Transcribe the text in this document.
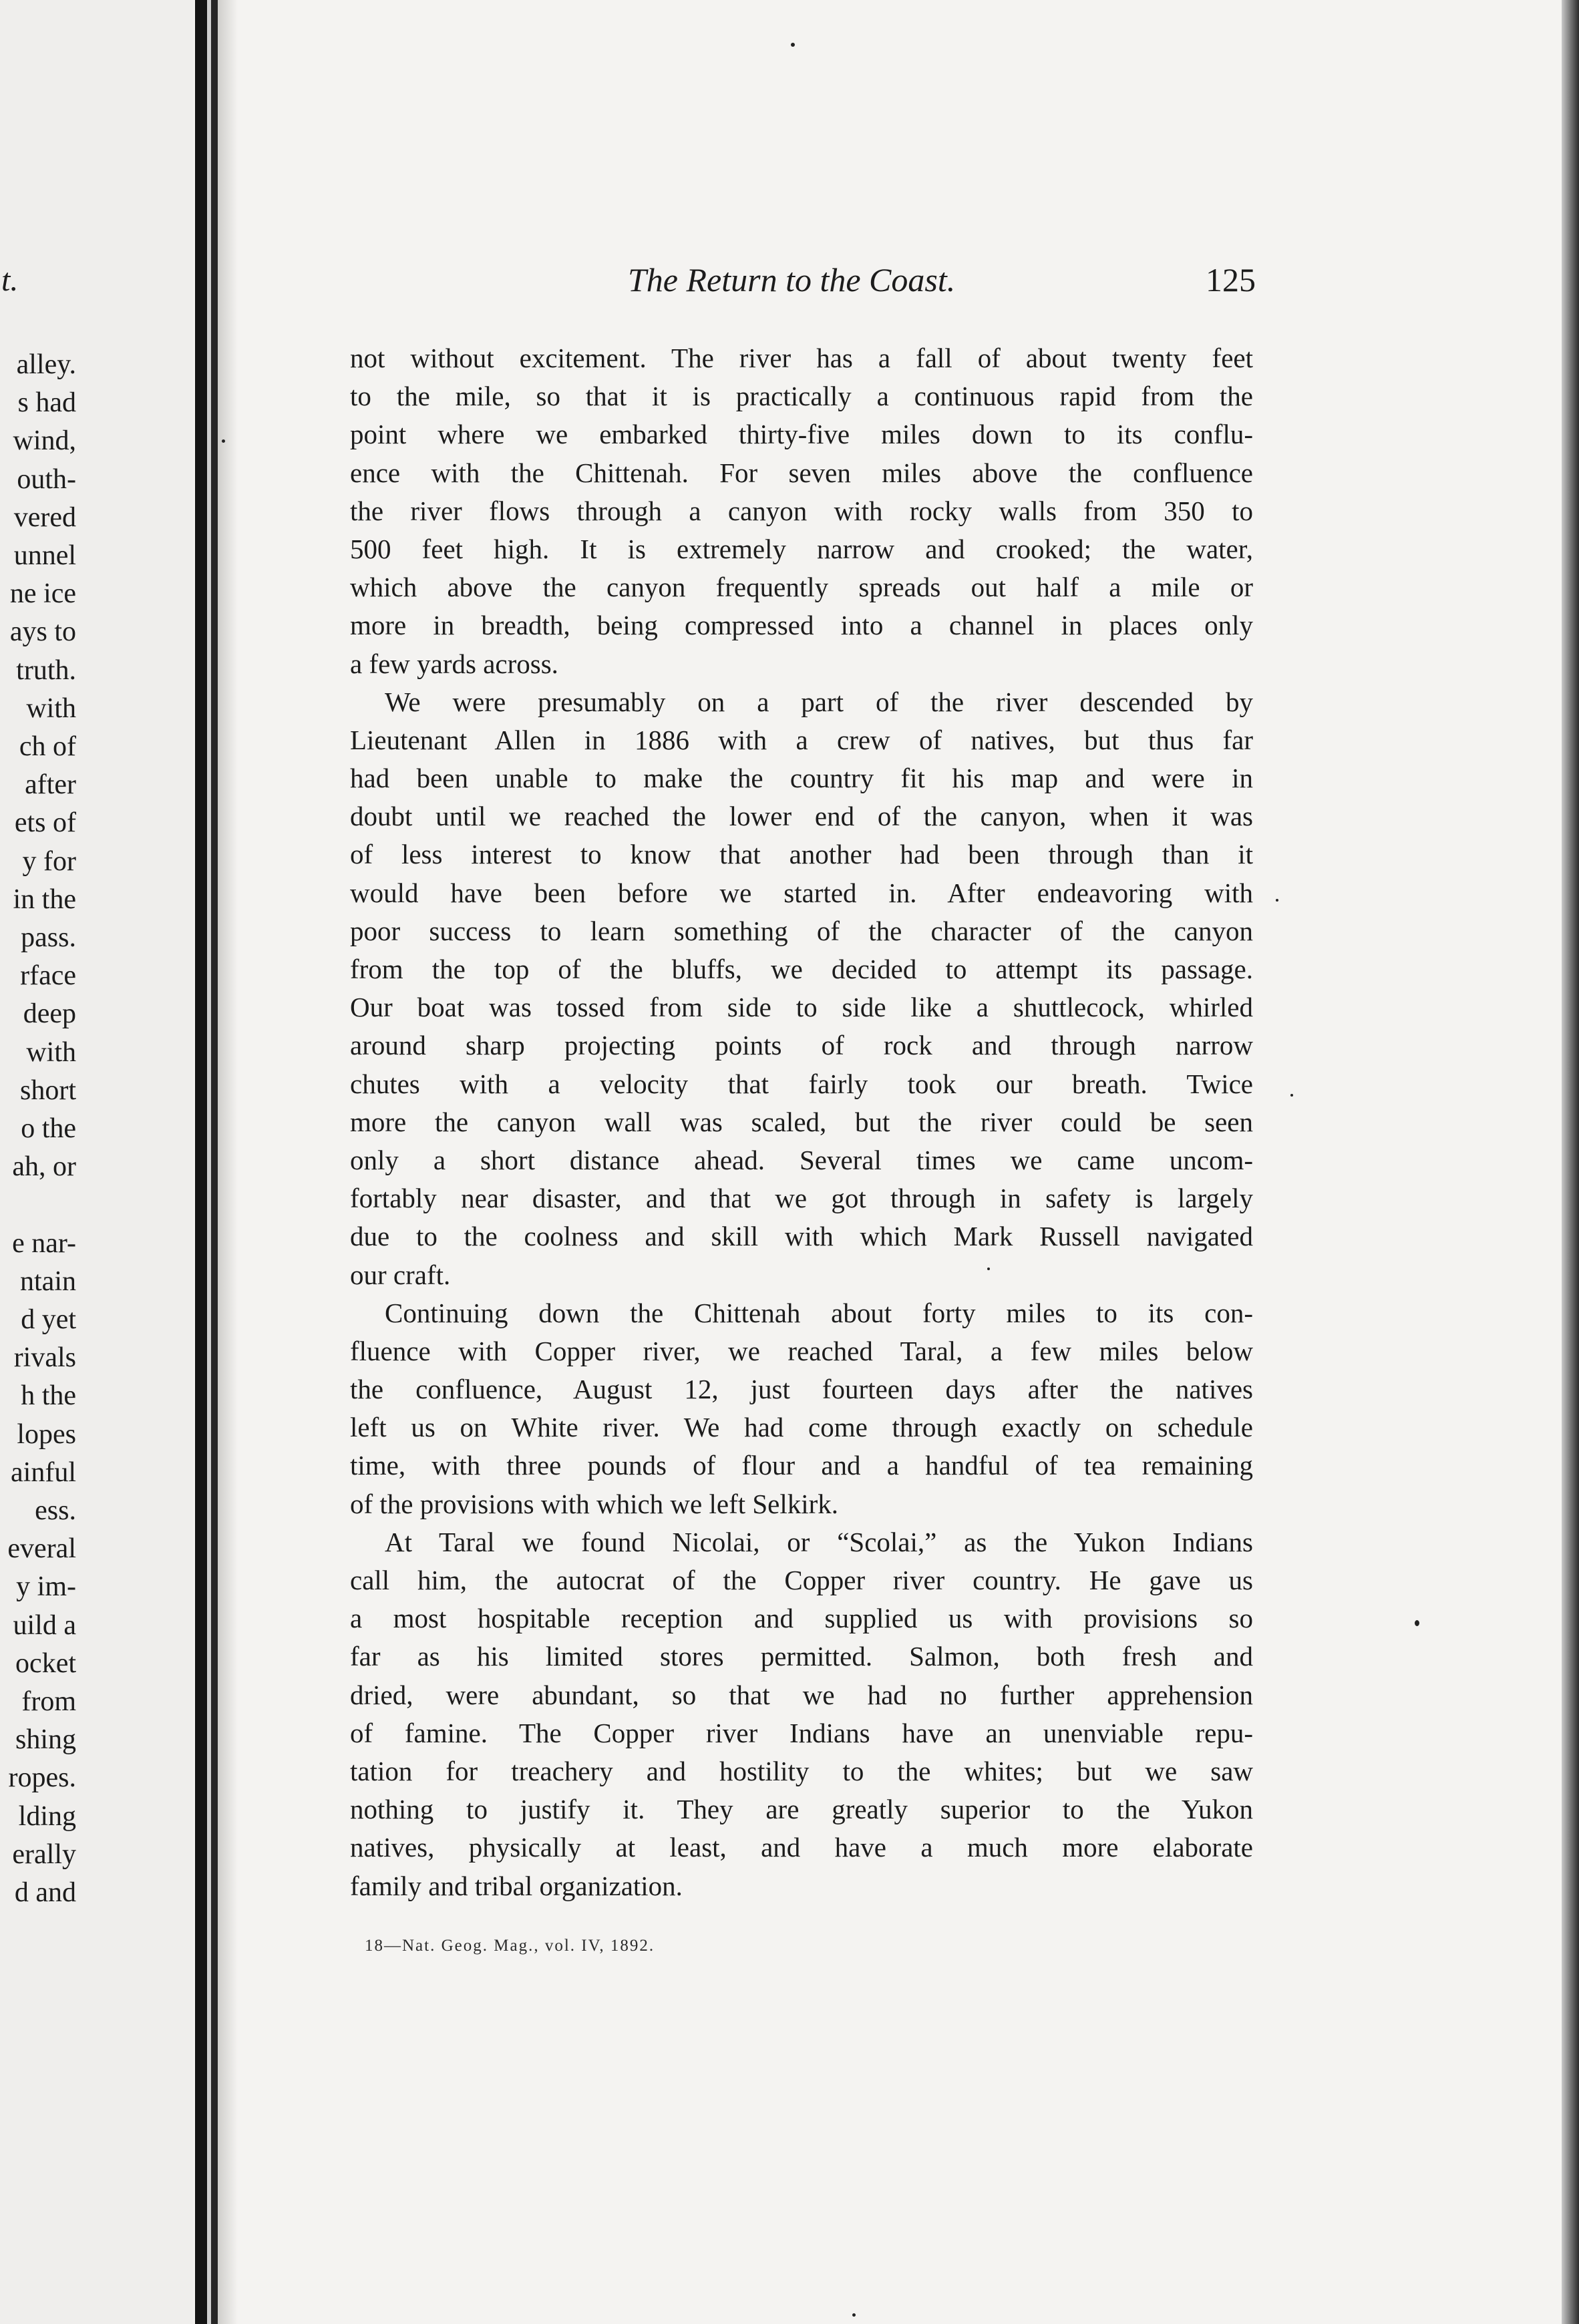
t.
alley.
s had
wind,
outh-
vered
unnel
ne ice
ays to
truth.
with
ch of
after
ets of
y for
in the
pass.
rface
deep
with
short
o the
ah, or
e nar-
ntain
d yet
rivals
h the
lopes
ainful
ess.
everal
y im-
uild a
ocket
from
shing
ropes.
lding
erally
d and
The Return to the Coast.	125
not without excitement. The river has a fall of about twenty feet
to the mile, so that it is practically a continuous rapid from the
point where we embarked thirty-five miles down to its conflu-
ence with the Chittenah. For seven miles above the confluence
the river flows through a canyon with rocky walls from 350 to
500 feet high. It is extremely narrow and crooked; the water,
which above the canyon frequently spreads out half a mile or
more in breadth, being compressed into a channel in places only
a few yards across.
We were presumably on a part of the river descended by
Lieutenant Allen in 1886 with a crew of natives, but thus far
had been unable to make the country fit his map and were in
doubt until we reached the lower end of the canyon, when it was
of less interest to know that another had been through than it
would have been before we started in. After endeavoring with
poor success to learn something of the character of the canyon
from the top of the bluffs, we decided to attempt its passage.
Our boat was tossed from side to side like a shuttlecock, whirled
around sharp projecting points of rock and through narrow
chutes with a velocity that fairly took our breath. Twice
more the canyon wall was scaled, but the river could be seen
only a short distance ahead. Several times we came uncom-
fortably near disaster, and that we got through in safety is largely
due to the coolness and skill with which Mark Russell navigated
our craft.
Continuing down the Chittenah about forty miles to its con-
fluence with Copper river, we reached Taral, a few miles below
the confluence, August 12, just fourteen days after the natives
left us on White river. We had come through exactly on schedule
time, with three pounds of flour and a handful of tea remaining
of the provisions with which we left Selkirk.
At Taral we found Nicolai, or “Scolai,” as the Yukon Indians
call him, the autocrat of the Copper river country. He gave us
a most hospitable reception and supplied us with provisions so
far as his limited stores permitted. Salmon, both fresh and
dried, were abundant, so that we had no further apprehension
of famine. The Copper river Indians have an unenviable repu-
tation for treachery and hostility to the whites; but we saw
nothing to justify it. They are greatly superior to the Yukon
natives, physically at least, and have a much more elaborate
family and tribal organization.
18—Nat. Geog. Mag., vol. IV, 1892.
